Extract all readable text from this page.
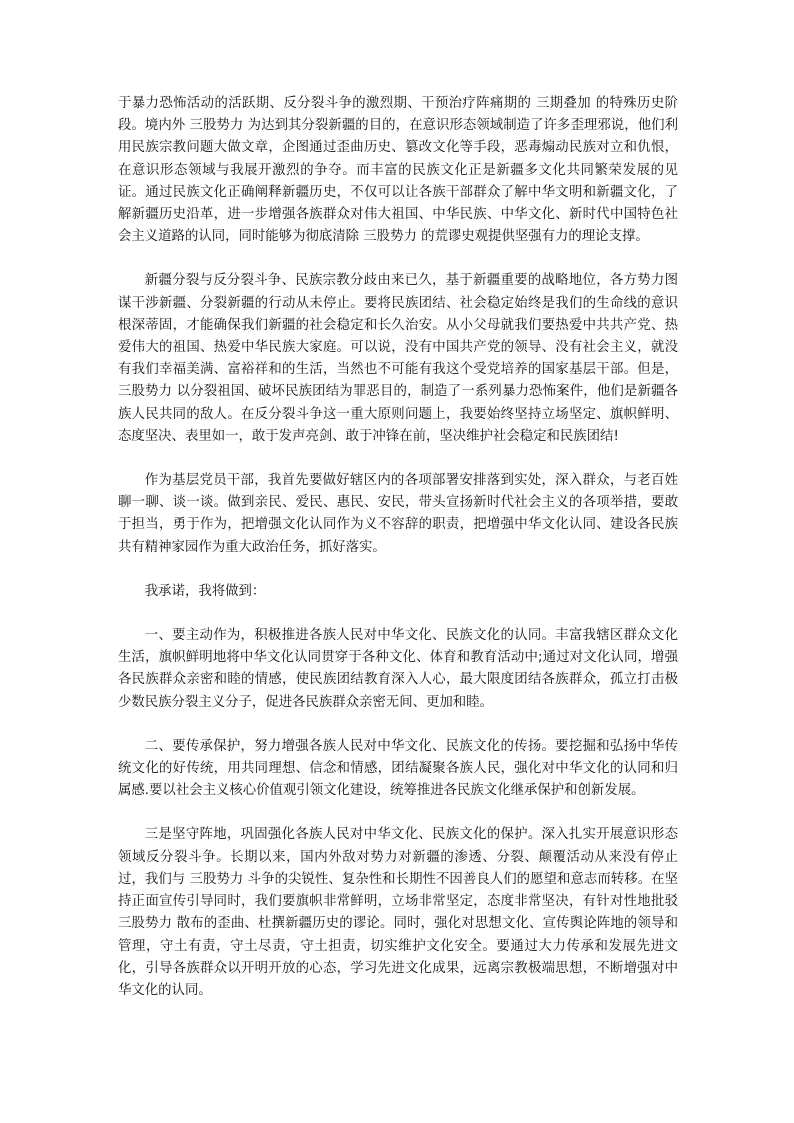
于暴力恐怖活动的活跃期、反分裂斗争的激烈期、干预治疗阵痛期的 三期叠加 的特殊历史阶段。境内外 三股势力 为达到其分裂新疆的目的，在意识形态领域制造了许多歪理邪说，他们利用民族宗教问题大做文章，企图通过歪曲历史、篡改文化等手段，恶毒煽动民族对立和仇恨，在意识形态领域与我展开激烈的争夺。而丰富的民族文化正是新疆多文化共同繁荣发展的见证。通过民族文化正确阐释新疆历史，不仅可以让各族干部群众了解中华文明和新疆文化，了解新疆历史沿革，进一步增强各族群众对伟大祖国、中华民族、中华文化、新时代中国特色社会主义道路的认同，同时能够为彻底清除 三股势力 的荒谬史观提供坚强有力的理论支撑。

新疆分裂与反分裂斗争、民族宗教分歧由来已久，基于新疆重要的战略地位，各方势力图谋干涉新疆、分裂新疆的行动从未停止。要将民族团结、社会稳定始终是我们的生命线的意识根深蒂固，才能确保我们新疆的社会稳定和长久治安。从小父母就我们要热爱中共共产党、热爱伟大的祖国、热爱中华民族大家庭。可以说，没有中国共产党的领导、没有社会主义，就没有我们幸福美满、富裕祥和的生活，当然也不可能有我这个受党培养的国家基层干部。但是， 三股势力 以分裂祖国、破坏民族团结为罪恶目的，制造了一系列暴力恐怖案件，他们是新疆各族人民共同的敌人。在反分裂斗争这一重大原则问题上，我要始终坚持立场坚定、旗帜鲜明、态度坚决、表里如一，敢于发声亮剑、敢于冲锋在前，坚决维护社会稳定和民族团结!

作为基层党员干部，我首先要做好辖区内的各项部署安排落到实处，深入群众，与老百姓聊一聊、谈一谈。做到亲民、爱民、惠民、安民，带头宣扬新时代社会主义的各项举措，要敢于担当，勇于作为，把增强文化认同作为义不容辞的职责，把增强中华文化认同、建设各民族共有精神家园作为重大政治任务，抓好落实。

我承诺，我将做到：

一、要主动作为，积极推进各族人民对中华文化、民族文化的认同。丰富我辖区群众文化生活，旗帜鲜明地将中华文化认同贯穿于各种文化、体育和教育活动中;通过对文化认同，增强各民族群众亲密和睦的情感，使民族团结教育深入人心，最大限度团结各族群众，孤立打击极少数民族分裂主义分子，促进各民族群众亲密无间、更加和睦。

二、要传承保护，努力增强各族人民对中华文化、民族文化的传扬。要挖掘和弘扬中华传统文化的好传统，用共同理想、信念和情感，团结凝聚各族人民，强化对中华文化的认同和归属感.要以社会主义核心价值观引领文化建设，统筹推进各民族文化继承保护和创新发展。

三是坚守阵地，巩固强化各族人民对中华文化、民族文化的保护。深入扎实开展意识形态领域反分裂斗争。长期以来，国内外敌对势力对新疆的渗透、分裂、颠覆活动从来没有停止过，我们与 三股势力 斗争的尖锐性、复杂性和长期性不因善良人们的愿望和意志而转移。在坚持正面宣传引导同时，我们要旗帜非常鲜明，立场非常坚定，态度非常坚决，有针对性地批驳 三股势力 散布的歪曲、杜撰新疆历史的谬论。同时，强化对思想文化、宣传舆论阵地的领导和管理，守土有责，守土尽责，守土担责，切实维护文化安全。要通过大力传承和发展先进文化，引导各族群众以开明开放的心态，学习先进文化成果，远离宗教极端思想，不断增强对中华文化的认同。
